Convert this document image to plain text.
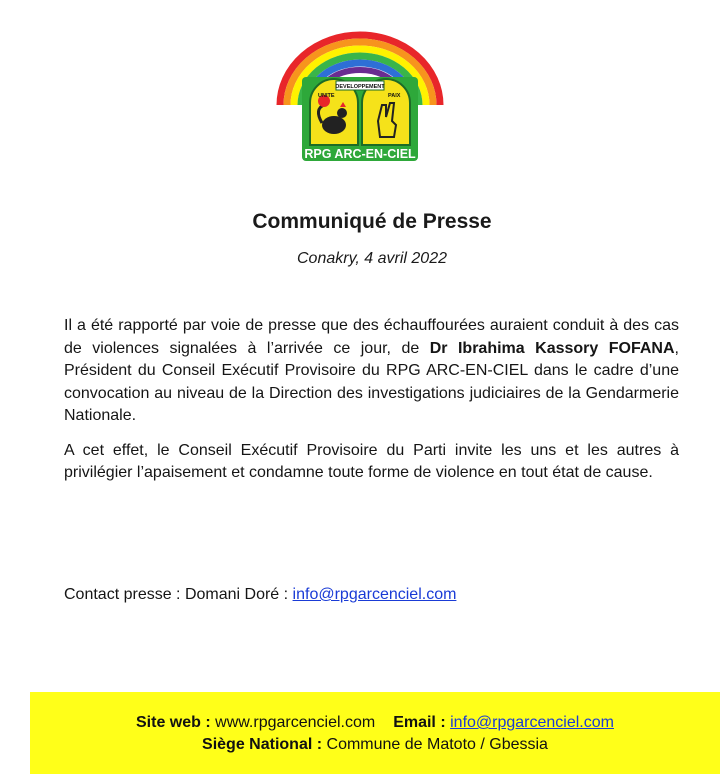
DEVELOPPEMENT
UNITE	PAIX
RPG ARC-EN-CIEL
Communiqué de Presse
Conakry, 4 avril 2022

Il a été rapporté par voie de presse que des échauffourées auraient conduit à des cas de violences signalées à l’arrivée ce jour, de Dr Ibrahima Kassory FOFANA, Président du Conseil Exécutif Provisoire du RPG ARC-EN-CIEL dans le cadre d’une convocation au niveau de la Direction des investigations judiciaires de la Gendarmerie Nationale.

A cet effet, le Conseil Exécutif Provisoire du Parti invite les uns et les autres à privilégier l’apaisement et condamne toute forme de violence en tout état de cause.

Contact presse : Domani Doré : info@rpgarcenciel.com
Site web : www.rpgarcenciel.com Email : info@rpgarcenciel.com
Siège National : Commune de Matoto / Gbessia
